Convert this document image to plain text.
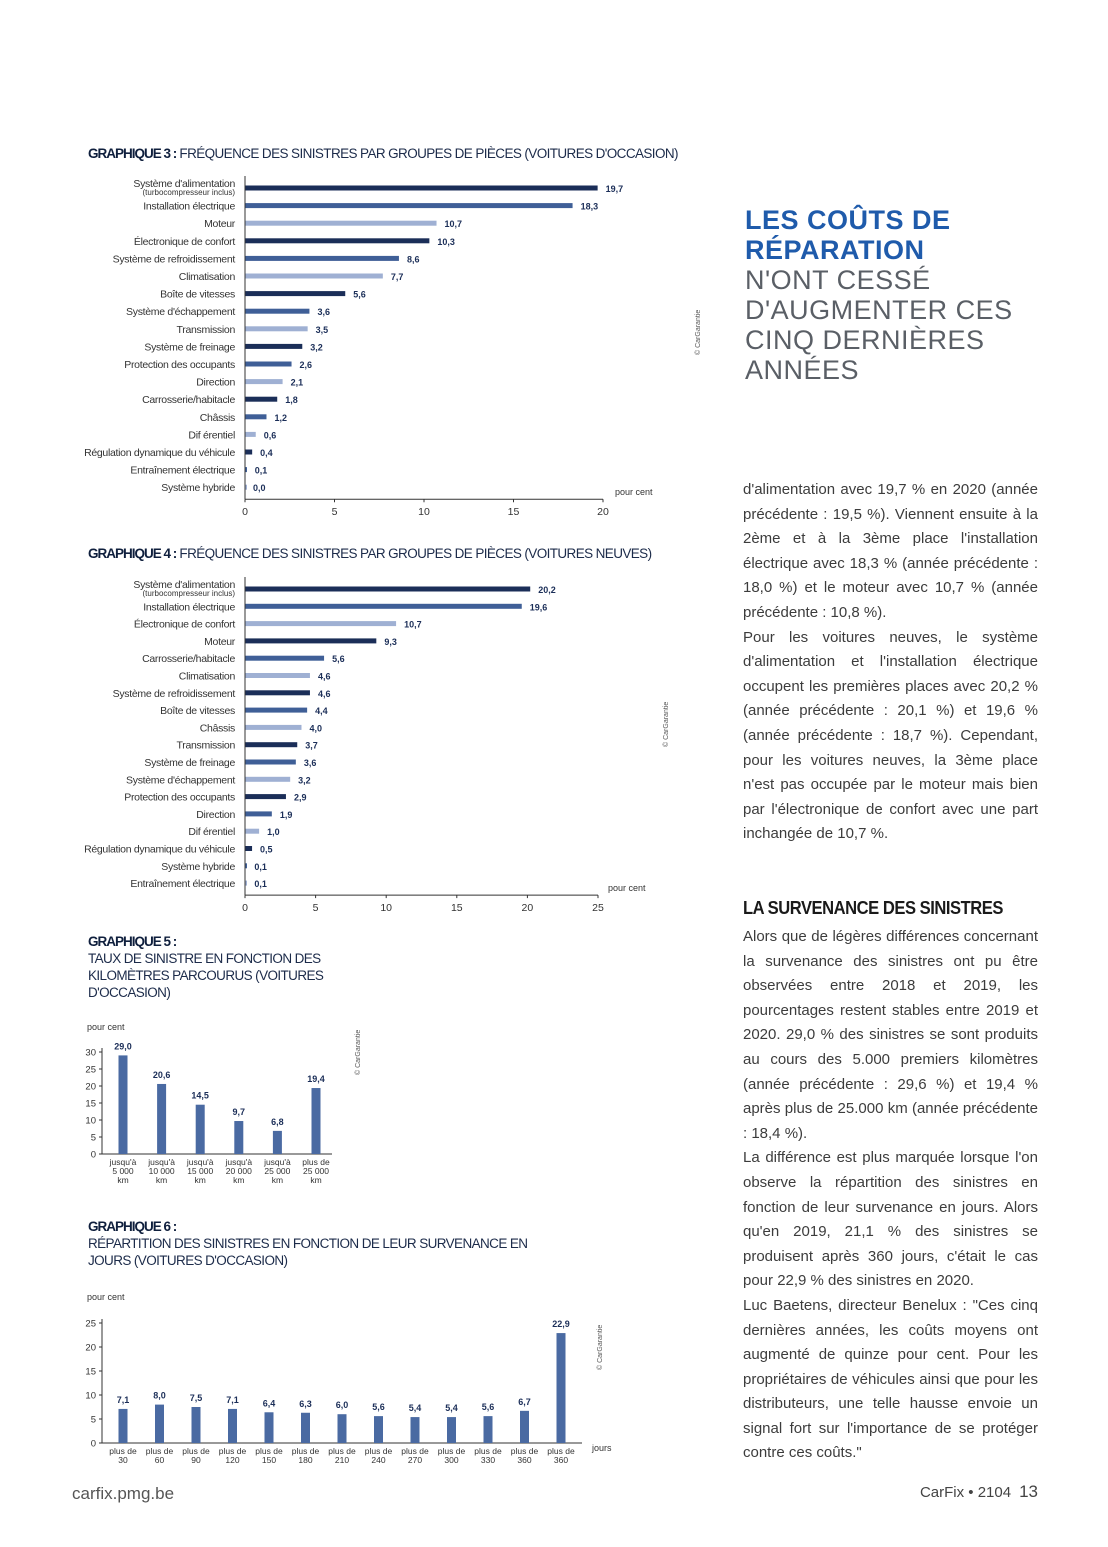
GRAPHIQUE 3 : FRÉQUENCE DES SINISTRES PAR GROUPES DE PIÈCES (VOITURES D'OCCASION)
Système d'alimentation
(turbocompresseur inclus)	19,7
Installation électrique	18,3
Moteur	10,7
Électronique de confort	10,3
Système de refroidissement	8,6
Climatisation	7,7
Boîte de vitesses	5,6
Système d'échappement	3,6
Transmission	3,5
Système de freinage	3,2
Protection des occupants	2,6
Direction	2,1
Carrosserie/habitacle	1,8
Châssis	1,2
Dif érentiel	0,6
Régulation dynamique du véhicule	0,4
Entraînement électrique 0,1
Système hybride 0,0
0	5	10	15	20
pour cent
© CarGarantie
GRAPHIQUE 4 : FRÉQUENCE DES SINISTRES PAR GROUPES DE PIÈCES (VOITURES NEUVES)
Système d'alimentation
(turbocompresseur inclus)	20,2
Installation électrique	19,6
Électronique de confort	10,7
Moteur	9,3
Carrosserie/habitacle	5,6
Climatisation	4,6
Système de refroidissement	4,6
Boîte de vitesses	4,4
Châssis	4,0
Transmission	3,7
Système de freinage	3,6
Système d'échappement	3,2
Protection des occupants	2,9
Direction	1,9
Dif érentiel	1,0
Régulation dynamique du véhicule	0,5
Système hybride 0,1
Entraînement électrique 0,1
0	5	10	15	20	25
pour cent
© CarGarantie
GRAPHIQUE 5 :
TAUX DE SINISTRE EN FONCTION DES KILOMÈTRES PARCOURUS (VOITURES D'OCCASION)
pour cent
0
5
10
15
20
25
30
29,0
jusqu'à
5 000
km
20,6
jusqu'à
10 000
km
14,5
jusqu'à
15 000
km
9,7
jusqu'à
20 000
km
6,8
jusqu'à
25 000
km
19,4
plus de
25 000
km
© CarGarantie
GRAPHIQUE 6 :
RÉPARTITION DES SINISTRES EN FONCTION DE LEUR SURVENANCE EN JOURS (VOITURES D'OCCASION)
pour cent
0
5
10
15
20
25
7,1
plus de
30
8,0
plus de
60
7,5
plus de
90
7,1
plus de
120
6,4
plus de
150
6,3
plus de
180
6,0
plus de
210
5,6
plus de
240
5,4
plus de
270
5,4
plus de
300
5,6
plus de
330
6,7
plus de
360
22,9
plus de
360
jours
© CarGarantie
LES COÛTS DE
RÉPARATION
N'ONT CESSÉ
D'AUGMENTER CES
CINQ DERNIÈRES
ANNÉES

d'alimentation avec 19,7 % en 2020 (année précédente : 19,5 %). Viennent ensuite à la 2ème et à la 3ème place l'installation électrique avec 18,3 % (année précédente : 18,0 %) et le moteur avec 10,7 % (année précédente : 10,8 %).

Pour les voitures neuves, le système d'alimentation et l'installation électrique occupent les premières places avec 20,2 % (année précédente : 20,1 %) et 19,6 % (année précédente : 18,7 %). Cependant, pour les voitures neuves, la 3ème place n'est pas occupée par le moteur mais bien par l'électronique de confort avec une part inchangée de 10,7 %.

LA SURVENANCE DES SINISTRES

Alors que de légères différences concernant la survenance des sinistres ont pu être observées entre 2018 et 2019, les pourcentages restent stables entre 2019 et 2020. 29,0 % des sinistres se sont produits au cours des 5.000 premiers kilomètres (année précédente : 29,6 %) et 19,4 % après plus de 25.000 km (année précédente : 18,4 %).

La différence est plus marquée lorsque l'on observe la répartition des sinistres en fonction de leur survenance en jours. Alors qu'en 2019, 21,1 % des sinistres se produisent après 360 jours, c'était le cas pour 22,9 % des sinistres en 2020.

Luc Baetens, directeur Benelux : "Ces cinq dernières années, les coûts moyens ont augmenté de quinze pour cent. Pour les propriétaires de véhicules ainsi que pour les distributeurs, une telle hausse envoie un signal fort sur l'importance de se protéger contre ces coûts."

carfix.pmg.be	CarFix • 2104 13
